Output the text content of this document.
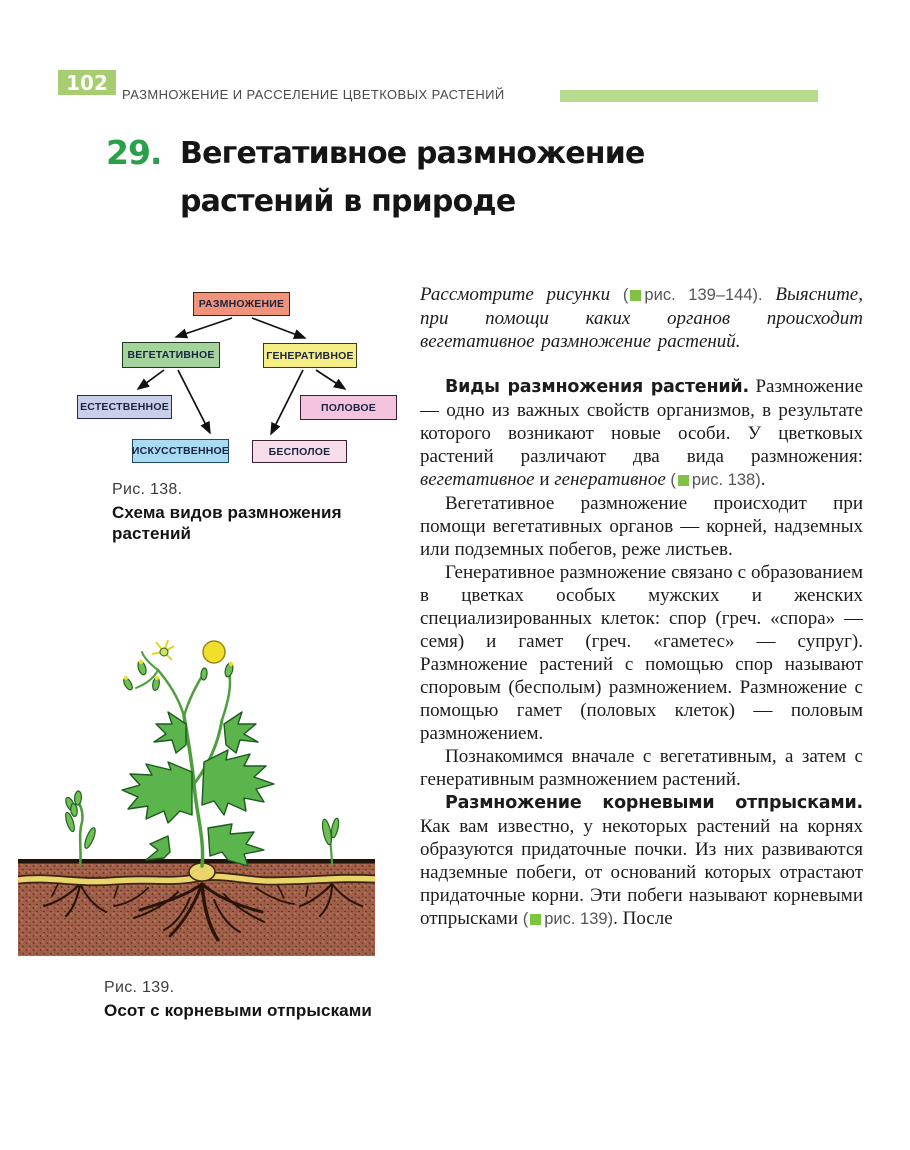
102 РАЗМНОЖЕНИЕ И РАССЕЛЕНИЕ ЦВЕТКОВЫХ РАСТЕНИЙ
29. Вегетативное размножение
растений в природе
РАЗМНОЖЕНИЕ
ВЕГЕТАТИВНОЕ	ГЕНЕРАТИВНОЕ
ЕСТЕСТВЕННОЕ
ИСКУССТВЕННОЕ
ПОЛОВОЕ
БЕСПОЛОЕ
Рис. 138.
Схема видов размножения растений
Рис. 139.
Осот с корневыми отпрысками

Рассмотрите рисунки ( рис. 139–144). Выясните, при помощи каких органов происходит вегетативное размножение растений.

Виды размножения растений. Размножение — одно из важных свойств организмов, в результате которого возникают новые особи. У цветковых растений различают два вида размножения: вегетативное и генеративное ( рис. 138).

Вегетативное размножение происходит при помощи вегетативных органов — корней, надземных или подземных побегов, реже листьев.

Генеративное размножение связано с образованием в цветках особых мужских и женских специализированных клеток: спор (греч. «спора» — семя) и гамет (греч. «гаметес» — супруг). Размножение растений с помощью спор называют споровым (бесполым) размножением. Размножение с помощью гамет (половых клеток) — половым размножением.

Познакомимся вначале с вегетативным, а затем с генеративным размножением растений.

Размножение корневыми отпрысками. Как вам известно, у некоторых растений на корнях образуются придаточные почки. Из них развиваются надземные побеги, от оснований которых отрастают придаточные корни. Эти побеги называют корневыми отпрысками ( рис. 139). После
